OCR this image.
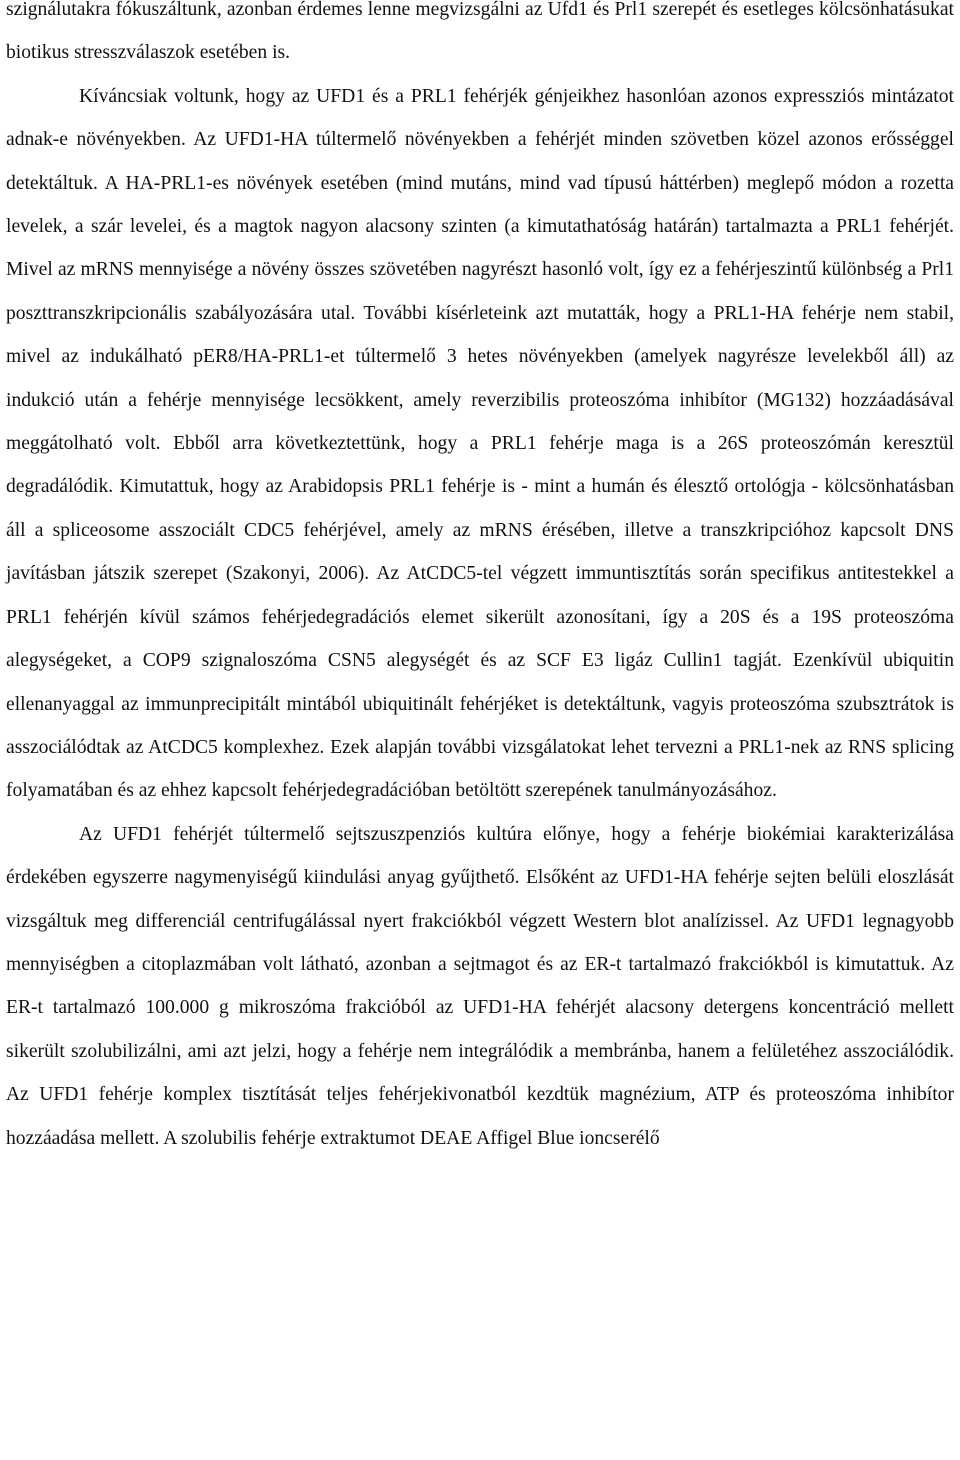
szignálutakra fókuszáltunk, azonban érdemes lenne megvizsgálni az Ufd1 és Prl1 szerepét és esetleges kölcsönhatásukat biotikus stresszválaszok esetében is.

Kíváncsiak voltunk, hogy az UFD1 és a PRL1 fehérjék génjeikhez hasonlóan azonos expressziós mintázatot adnak-e növényekben. Az UFD1-HA túltermelő növényekben a fehérjét minden szövetben közel azonos erősséggel detektáltuk. A HA-PRL1-es növények esetében (mind mutáns, mind vad típusú háttérben) meglepő módon a rozetta levelek, a szár levelei, és a magtok nagyon alacsony szinten (a kimutathatóság határán) tartalmazta a PRL1 fehérjét. Mivel az mRNS mennyisége a növény összes szövetében nagyrészt hasonló volt, így ez a fehérjeszintű különbség a Prl1 poszttranszkripcionális szabályozására utal. További kísérleteink azt mutatták, hogy a PRL1-HA fehérje nem stabil, mivel az indukálható pER8/HA-PRL1-et túltermelő 3 hetes növényekben (amelyek nagyrésze levelekből áll) az indukció után a fehérje mennyisége lecsökkent, amely reverzibilis proteoszóma inhibítor (MG132) hozzáadásával meggátolható volt. Ebből arra következtettünk, hogy a PRL1 fehérje maga is a 26S proteoszómán keresztül degradálódik. Kimutattuk, hogy az Arabidopsis PRL1 fehérje is - mint a humán és élesztő ortológja - kölcsönhatásban áll a spliceosome asszociált CDC5 fehérjével, amely az mRNS érésében, illetve a transzkripcióhoz kapcsolt DNS javításban játszik szerepet (Szakonyi, 2006). Az AtCDC5-tel végzett immuntisztítás során specifikus antitestekkel a PRL1 fehérjén kívül számos fehérjedegradációs elemet sikerült azonosítani, így a 20S és a 19S proteoszóma alegységeket, a COP9 szignaloszóma CSN5 alegységét és az SCF E3 ligáz Cullin1 tagját. Ezenkívül ubiquitin ellenanyaggal az immunprecipitált mintából ubiquitinált fehérjéket is detektáltunk, vagyis proteoszóma szubsztrátok is asszociálódtak az AtCDC5 komplexhez. Ezek alapján további vizsgálatokat lehet tervezni a PRL1-nek az RNS splicing folyamatában és az ehhez kapcsolt fehérjedegradációban betöltött szerepének tanulmányozásához.

Az UFD1 fehérjét túltermelő sejtszuszpenziós kultúra előnye, hogy a fehérje biokémiai karakterizálása érdekében egyszerre nagymenyiségű kiindulási anyag gyűjthető. Elsőként az UFD1-HA fehérje sejten belüli eloszlását vizsgáltuk meg differenciál centrifugálással nyert frakciókból végzett Western blot analízissel. Az UFD1 legnagyobb mennyiségben a citoplazmában volt látható, azonban a sejtmagot és az ER-t tartalmazó frakciókból is kimutattuk. Az ER-t tartalmazó 100.000 g mikroszóma frakcióból az UFD1-HA fehérjét alacsony detergens koncentráció mellett sikerült szolubilizálni, ami azt jelzi, hogy a fehérje nem integrálódik a membránba, hanem a felületéhez asszociálódik. Az UFD1 fehérje komplex tisztítását teljes fehérjekivonatból kezdtük magnézium, ATP és proteoszóma inhibítor hozzáadása mellett. A szolubilis fehérje extraktumot DEAE Affigel Blue ioncserélő
